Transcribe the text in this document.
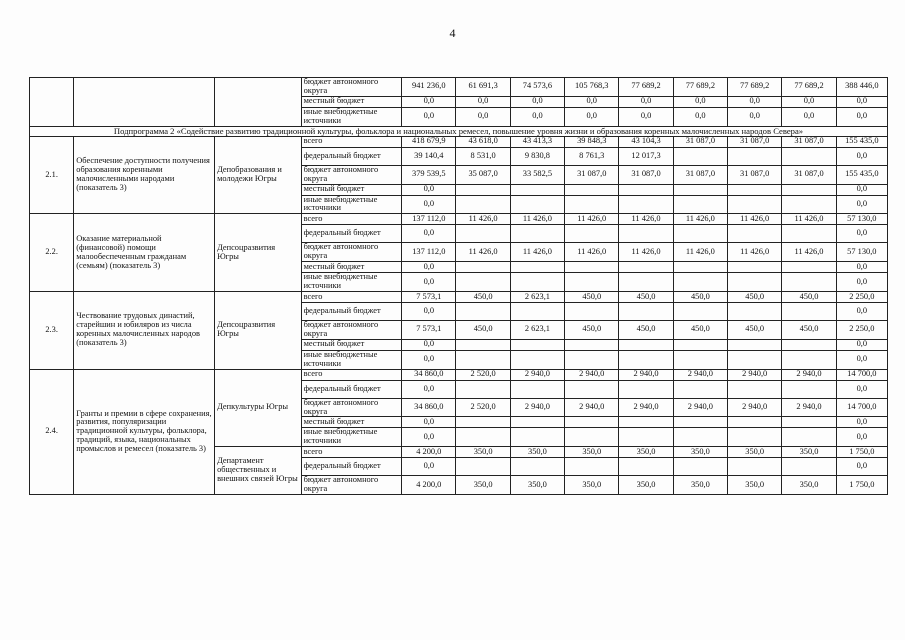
4
			бюджет автономного округа	941 236,0	61 691,3	74 573,6	105 768,3	77 689,2	77 689,2	77 689,2	77 689,2	388 446,0
			местный бюджет	0,0	0,0	0,0	0,0	0,0	0,0	0,0	0,0	0,0
			иные внебюджетные источники	0,0	0,0	0,0	0,0	0,0	0,0	0,0	0,0	0,0
Подпрограмма 2 «Содействие развитию традиционной культуры, фольклора и национальных ремесел, повышение уровня жизни и образования коренных малочисленных народов Севера»												
2.1.	Обеспечение доступности получения образования коренными малочисленными народами (показатель 3)	Депобразования и молодежи Югры	всего	418 679,9	43 618,0	43 413,3	39 848,3	43 104,3	31 087,0	31 087,0	31 087,0	155 435,0
			федеральный бюджет	39 140,4	8 531,0	9 830,8	8 761,3	12 017,3				0,0
			бюджет автономного округа	379 539,5	35 087,0	33 582,5	31 087,0	31 087,0	31 087,0	31 087,0	31 087,0	155 435,0
			местный бюджет	0,0								0,0
			иные внебюджетные источники	0,0								0,0
2.2.	Оказание материальной (финансовой) помощи малообеспеченным гражданам (семьям) (показатель 3)	Депсоцразвития Югры	всего	137 112,0	11 426,0	11 426,0	11 426,0	11 426,0	11 426,0	11 426,0	11 426,0	57 130,0
			федеральный бюджет	0,0								0,0
			бюджет автономного округа	137 112,0	11 426,0	11 426,0	11 426,0	11 426,0	11 426,0	11 426,0	11 426,0	57 130,0
			местный бюджет	0,0								0,0
			иные внебюджетные источники	0,0								0,0
2.3.	Чествование трудовых династий, старейшин и юбиляров из числа коренных малочисленных народов (показатель 3)	Депсоцразвития Югры	всего	7 573,1	450,0	2 623,1	450,0	450,0	450,0	450,0	450,0	2 250,0
			федеральный бюджет	0,0								0,0
			бюджет автономного округа	7 573,1	450,0	2 623,1	450,0	450,0	450,0	450,0	450,0	2 250,0
			местный бюджет	0,0								0,0
			иные внебюджетные источники	0,0								0,0
2.4.	Гранты и премии в сфере сохранения, развития, популяризации традиционной культуры, фольклора, традиций, языка, национальных промыслов и ремесел (показатель 3)	Депкультуры Югры	всего	34 860,0	2 520,0	2 940,0	2 940,0	2 940,0	2 940,0	2 940,0	2 940,0	14 700,0
			федеральный бюджет	0,0								0,0
			бюджет автономного округа	34 860,0	2 520,0	2 940,0	2 940,0	2 940,0	2 940,0	2 940,0	2 940,0	14 700,0
			местный бюджет	0,0								0,0
			иные внебюджетные источники	0,0								0,0
		Департамент общественных и внешних связей Югры	всего	4 200,0	350,0	350,0	350,0	350,0	350,0	350,0	350,0	1 750,0
			федеральный бюджет	0,0								0,0
			бюджет автономного округа	4 200,0	350,0	350,0	350,0	350,0	350,0	350,0	350,0	1 750,0
